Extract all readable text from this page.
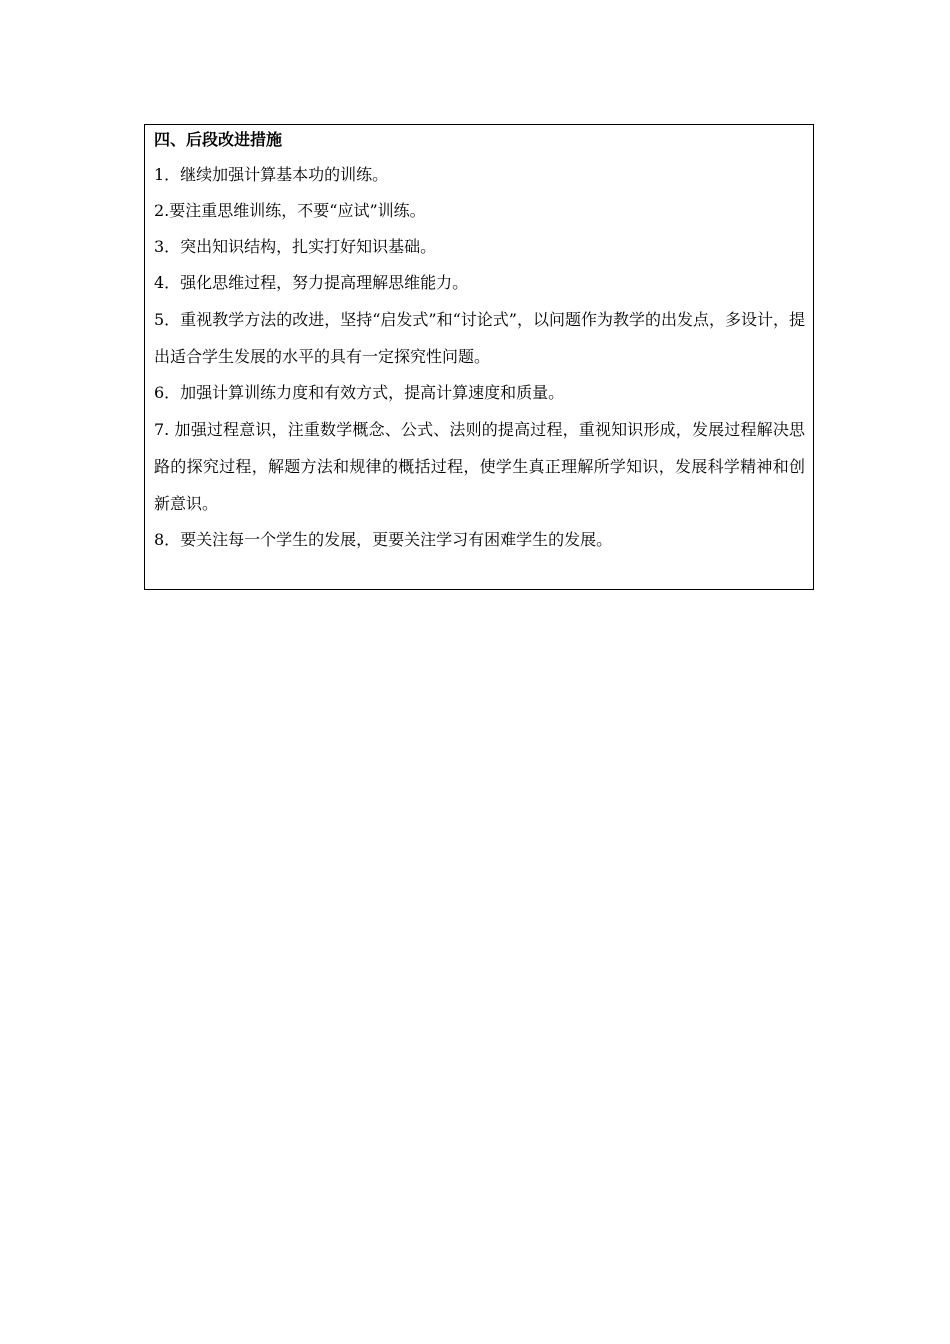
四、后段改进措施

1．继续加强计算基本功的训练。

2.要注重思维训练，不要“应试”训练。

3．突出知识结构，扎实打好知识基础。

4．强化思维过程，努力提高理解思维能力。

5．重视教学方法的改进，坚持“启发式”和“讨论式”，以问题作为教学的出发点，多设计，提出适合学生发展的水平的具有一定探究性问题。

6．加强计算训练力度和有效方式，提高计算速度和质量。

7. 加强过程意识，注重数学概念、公式、法则的提高过程，重视知识形成，发展过程解决思路的探究过程，解题方法和规律的概括过程，使学生真正理解所学知识，发展科学精神和创新意识。

8．要关注每一个学生的发展，更要关注学习有困难学生的发展。
